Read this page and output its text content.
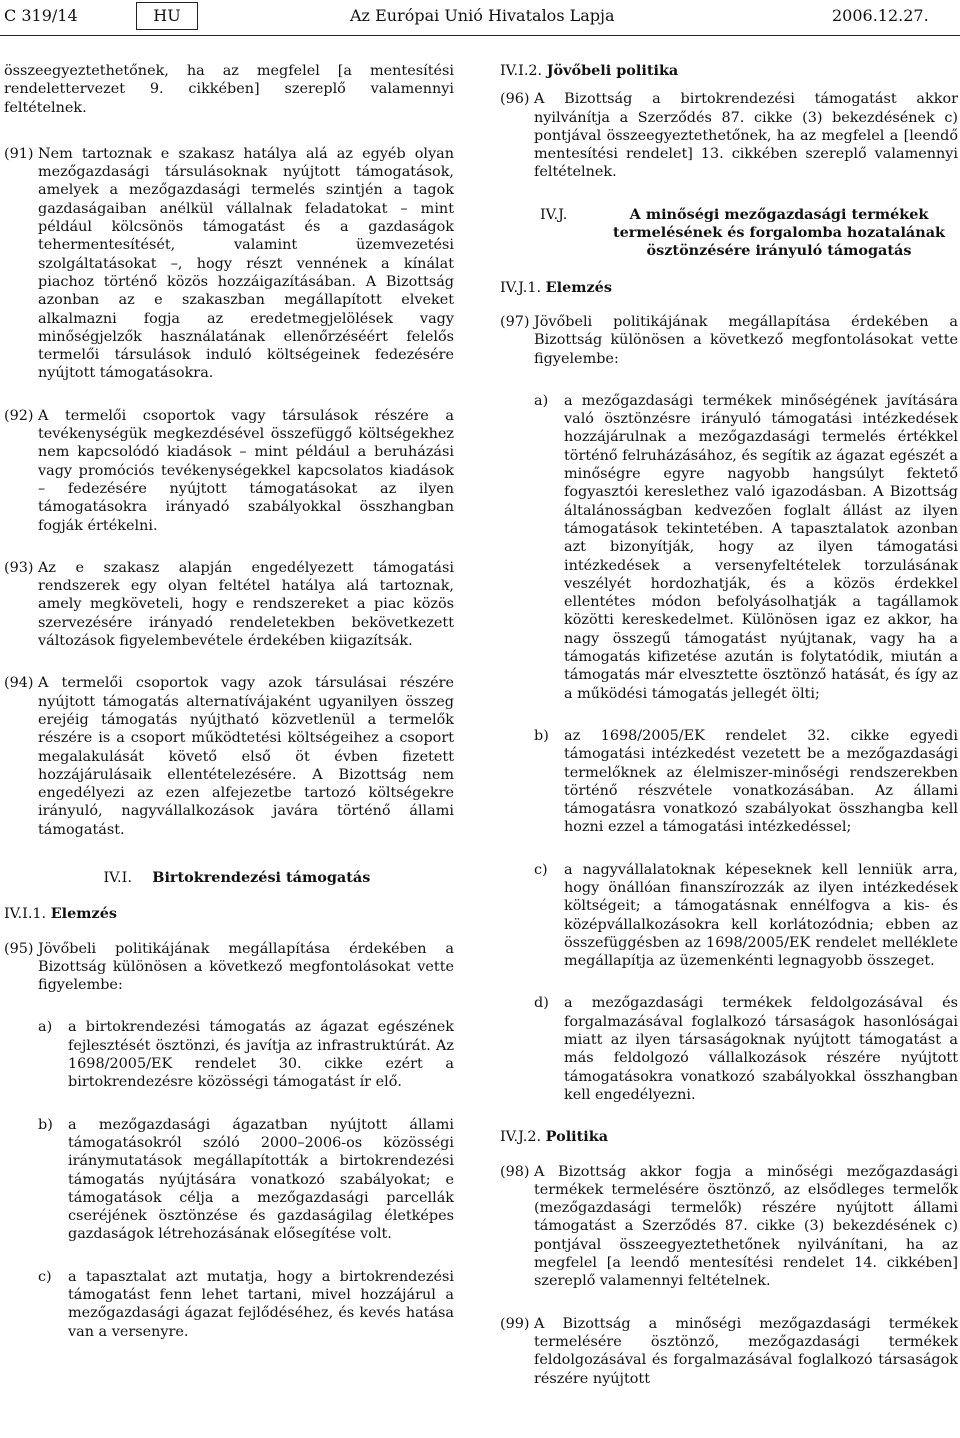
C 319/14	HU	Az Európai Unió Hivatalos Lapja	2006.12.27.

összeegyeztethetőnek, ha az megfelel [a mentesítési rendelettervezet 9. cikkében] szereplő valamennyi feltételnek.

(91) Nem tartoznak e szakasz hatálya alá az egyéb olyan mezőgazdasági társulásoknak nyújtott támogatások, amelyek a mezőgazdasági termelés szintjén a tagok gazdaságaiban anélkül vállalnak feladatokat – mint például kölcsönös támogatást és a gazdaságok tehermentesítését, valamint üzemvezetési szolgáltatásokat –, hogy részt vennének a kínálat piachoz történő közös hozzáigazításában. A Bizottság azonban az e szakaszban megállapított elveket alkalmazni fogja az eredetmegjelölések vagy minőségjelzők használatának ellenőrzéséért felelős termelői társulások induló költségeinek fedezésére nyújtott támogatásokra.

(92) A termelői csoportok vagy társulások részére a tevékenységük megkezdésével összefüggő költségekhez nem kapcsolódó kiadások – mint például a beruházási vagy promóciós tevékenységekkel kapcsolatos kiadások – fedezésére nyújtott támogatásokat az ilyen támogatásokra irányadó szabályokkal összhangban fogják értékelni.

(93) Az e szakasz alapján engedélyezett támogatási rendszerek egy olyan feltétel hatálya alá tartoznak, amely megköveteli, hogy e rendszereket a piac közös szervezésére irányadó rendeletekben bekövetkezett változások figyelembevétele érdekében kiigazítsák.

(94) A termelői csoportok vagy azok társulásai részére nyújtott támogatás alternatívájaként ugyanilyen összeg erejéig támogatás nyújtható közvetlenül a termelők részére is a csoport működtetési költségeihez a csoport megalakulását követő első öt évben fizetett hozzájárulásaik ellentételezésére. A Bizottság nem engedélyezi az ezen alfejezetbe tartozó költségekre irányuló, nagyvállalkozások javára történő állami támogatást.

IV.I. Birtokrendezési támogatás
IV.I.1. Elemzés
(95) Jövőbeli politikájának megállapítása érdekében a Bizottság különösen a következő megfontolásokat vette figyelembe:

a) a birtokrendezési támogatás az ágazat egészének fejlesztését ösztönzi, és javítja az infrastruktúrát. Az 1698/2005/EK rendelet 30. cikke ezért a birtokrendezésre közösségi támogatást ír elő.

b) a mezőgazdasági ágazatban nyújtott állami támogatásokról szóló 2000–2006-os közösségi iránymutatások megállapították a birtokrendezési támogatás nyújtására vonatkozó szabályokat; e támogatások célja a mezőgazdasági parcellák cseréjének ösztönzése és gazdaságilag életképes gazdaságok létrehozásának elősegítése volt.

c) a tapasztalat azt mutatja, hogy a birtokrendezési támogatást fenn lehet tartani, mivel hozzájárul a mezőgazdasági ágazat fejlődéséhez, és kevés hatása van a versenyre.

IV.I.2. Jövőbeli politika
(96) A Bizottság a birtokrendezési támogatást akkor nyilvánítja a Szerződés 87. cikke (3) bekezdésének c) pontjával összeegyeztethetőnek, ha az megfelel a [leendő mentesítési rendelet] 13. cikkében szereplő valamennyi feltételnek.

IV.J.	A minőségi mezőgazdasági termékek termelésének és forgalomba hozatalának ösztönzésére irányuló támogatás
IV.J.1. Elemzés
(97) Jövőbeli politikájának megállapítása érdekében a Bizottság különösen a következő megfontolásokat vette figyelembe:

a) a mezőgazdasági termékek minőségének javítására való ösztönzésre irányuló támogatási intézkedések hozzájárulnak a mezőgazdasági termelés értékkel történő felruházásához, és segítik az ágazat egészét a minőségre egyre nagyobb hangsúlyt fektető fogyasztói kereslethez való igazodásban. A Bizottság általánosságban kedvezően foglalt állást az ilyen támogatások tekintetében. A tapasztalatok azonban azt bizonyítják, hogy az ilyen támogatási intézkedések a versenyfeltételek torzulásának veszélyét hordozhatják, és a közös érdekkel ellentétes módon befolyásolhatják a tagállamok közötti kereskedelmet. Különösen igaz ez akkor, ha nagy összegű támogatást nyújtanak, vagy ha a támogatás kifizetése azután is folytatódik, miután a támogatás már elvesztette ösztönző hatását, és így az a működési támogatás jellegét ölti;

b) az 1698/2005/EK rendelet 32. cikke egyedi támogatási intézkedést vezetett be a mezőgazdasági termelőknek az élelmiszer-minőségi rendszerekben történő részvétele vonatkozásában. Az állami támogatásra vonatkozó szabályokat összhangba kell hozni ezzel a támogatási intézkedéssel;

c) a nagyvállalatoknak képeseknek kell lenniük arra, hogy önállóan finanszírozzák az ilyen intézkedések költségeit; a támogatásnak ennélfogva a kis- és középvállalkozásokra kell korlátozódnia; ebben az összefüggésben az 1698/2005/EK rendelet melléklete megállapítja az üzemenkénti legnagyobb összeget.

d) a mezőgazdasági termékek feldolgozásával és forgalmazásával foglalkozó társaságok hasonlóságai miatt az ilyen társaságoknak nyújtott támogatást a más feldolgozó vállalkozások részére nyújtott támogatásokra vonatkozó szabályokkal összhangban kell engedélyezni.

IV.J.2. Politika
(98) A Bizottság akkor fogja a minőségi mezőgazdasági termékek termelésére ösztönző, az elsődleges termelők (mezőgazdasági termelők) részére nyújtott állami támogatást a Szerződés 87. cikke (3) bekezdésének c) pontjával összeegyeztethetőnek nyilvánítani, ha az megfelel [a leendő mentesítési rendelet 14. cikkében] szereplő valamennyi feltételnek.

(99) A Bizottság a minőségi mezőgazdasági termékek termelésére ösztönző, mezőgazdasági termékek feldolgozásával és forgalmazásával foglalkozó társaságok részére nyújtott
